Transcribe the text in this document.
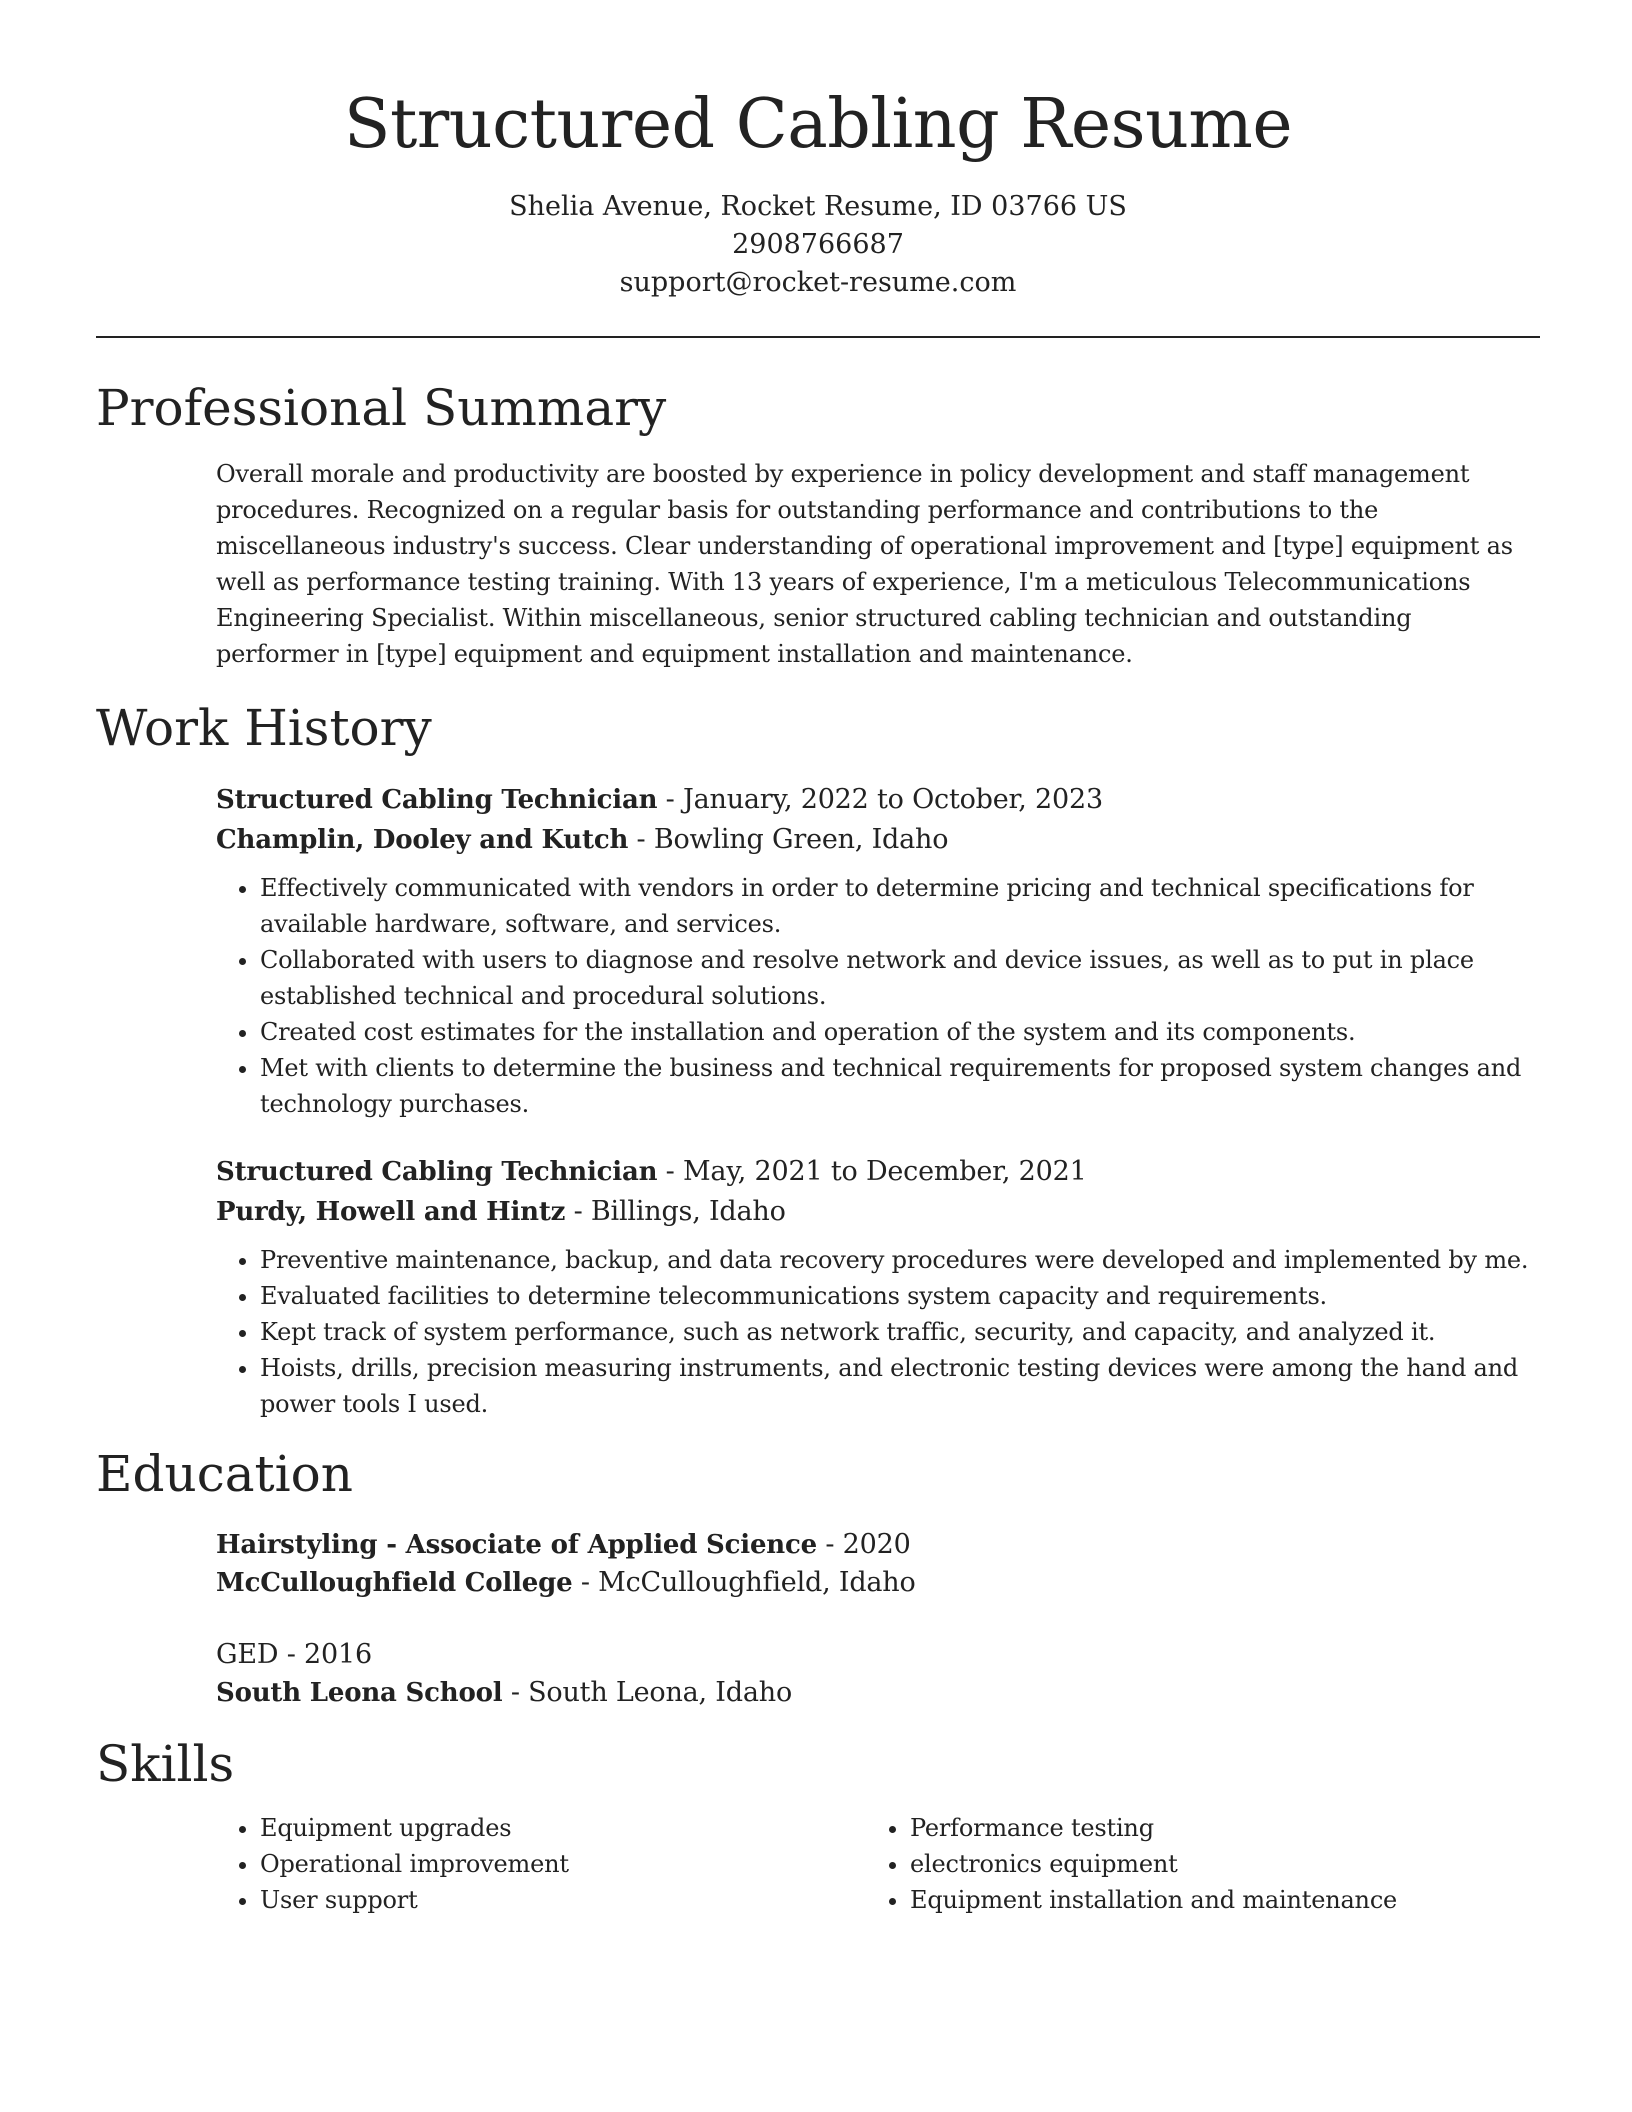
Structured Cabling Resume
Shelia Avenue, Rocket Resume, ID 03766 US
2908766687
support@rocket-resume.com
Professional Summary

Overall morale and productivity are boosted by experience in policy development and staff management procedures. Recognized on a regular basis for outstanding performance and contributions to the miscellaneous industry's success. Clear understanding of operational improvement and [type] equipment as well as performance testing training. With 13 years of experience, I'm a meticulous Telecommunications Engineering Specialist. Within miscellaneous, senior structured cabling technician and outstanding performer in [type] equipment and equipment installation and maintenance.

Work History
Structured Cabling Technician - January, 2022 to October, 2023
Champlin, Dooley and Kutch - Bowling Green, Idaho
• Effectively communicated with vendors in order to determine pricing and technical specifications for available hardware, software, and services.
• Collaborated with users to diagnose and resolve network and device issues, as well as to put in place established technical and procedural solutions.
• Created cost estimates for the installation and operation of the system and its components.
• Met with clients to determine the business and technical requirements for proposed system changes and technology purchases.
Structured Cabling Technician - May, 2021 to December, 2021
Purdy, Howell and Hintz - Billings, Idaho
• Preventive maintenance, backup, and data recovery procedures were developed and implemented by me.
• Evaluated facilities to determine telecommunications system capacity and requirements.
• Kept track of system performance, such as network traffic, security, and capacity, and analyzed it.
• Hoists, drills, precision measuring instruments, and electronic testing devices were among the hand and power tools I used.
Education
Hairstyling - Associate of Applied Science - 2020
McCulloughfield College - McCulloughfield, Idaho
GED - 2016
South Leona School - South Leona, Idaho
Skills
• Equipment upgrades
• Operational improvement
• User support
• Performance testing
• electronics equipment
• Equipment installation and maintenance
